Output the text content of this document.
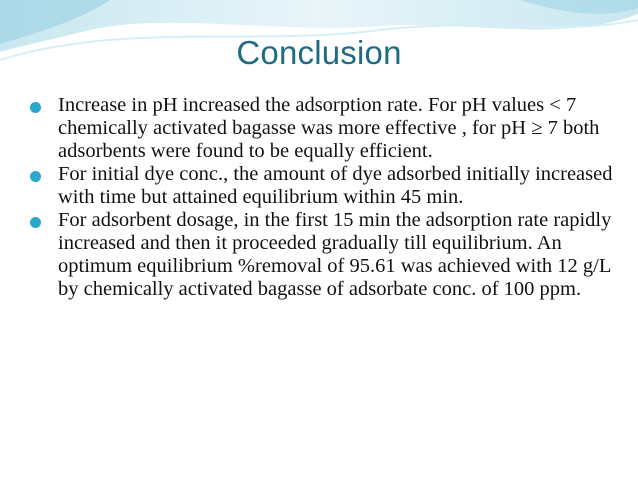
Conclusion
Increase in pH increased the adsorption rate. For pH values < 7 chemically activated bagasse was more effective , for pH ≥ 7 both adsorbents were found to be equally efficient.
For initial dye conc., the amount of dye adsorbed initially increased with time but attained equilibrium within 45 min.
For adsorbent dosage, in the first 15 min the adsorption rate rapidly increased and then it proceeded gradually till equilibrium. An optimum equilibrium %removal of 95.61 was achieved with 12 g/L by chemically activated bagasse of adsorbate conc. of 100 ppm.
